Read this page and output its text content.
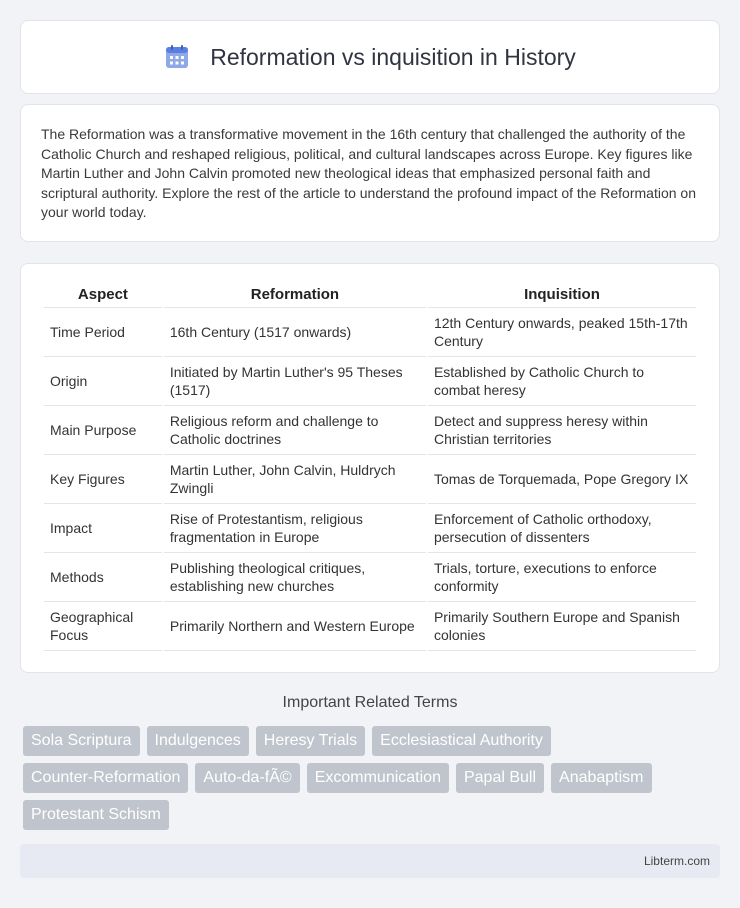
Reformation vs inquisition in History

The Reformation was a transformative movement in the 16th century that challenged the authority of the Catholic Church and reshaped religious, political, and cultural landscapes across Europe. Key figures like Martin Luther and John Calvin promoted new theological ideas that emphasized personal faith and scriptural authority. Explore the rest of the article to understand the profound impact of the Reformation on your world today.

Aspect	Reformation	Inquisition
Time Period	16th Century (1517 onwards)	12th Century onwards, peaked 15th-17th Century
Origin	Initiated by Martin Luther's 95 Theses (1517)	Established by Catholic Church to combat heresy
Main Purpose	Religious reform and challenge to Catholic doctrines	Detect and suppress heresy within Christian territories
Key Figures	Martin Luther, John Calvin, Huldrych Zwingli	Tomas de Torquemada, Pope Gregory IX
Impact	Rise of Protestantism, religious fragmentation in Europe	Enforcement of Catholic orthodoxy, persecution of dissenters
Methods	Publishing theological critiques, establishing new churches	Trials, torture, executions to enforce conformity
Geographical Focus	Primarily Northern and Western Europe	Primarily Southern Europe and Spanish colonies
Important Related Terms
Sola Scriptura	Indulgences	Heresy Trials	Ecclesiastical Authority
Counter-Reformation	Auto-da-fÃ©	Excommunication	Papal Bull	Anabaptism
Protestant Schism
Libterm.com
